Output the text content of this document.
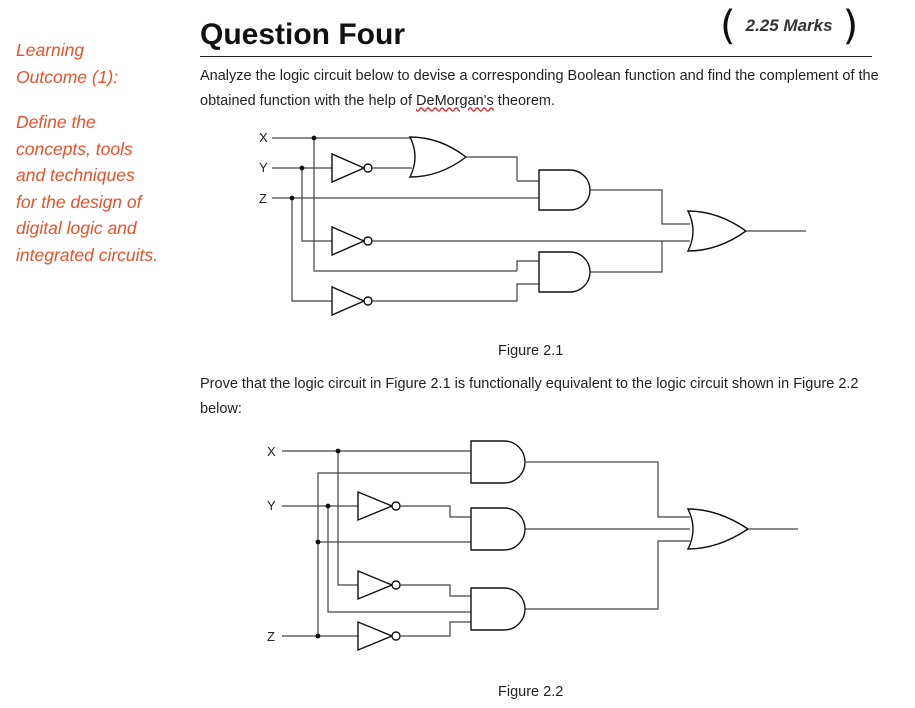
Learning
Outcome (1):
Define the
concepts, tools
and techniques
for the design of
digital logic and
integrated circuits.
Question Four	( 2.25 Marks )
Analyze the logic circuit below to devise a corresponding Boolean function and find the complement of the obtained function with the help of DeMorgan's theorem.
Prove that the logic circuit in Figure 2.1 is functionally equivalent to the logic circuit shown in Figure 2.2 below:
Figure 2.1
Figure 2.2
X
Y
Z
X
Y
Z
